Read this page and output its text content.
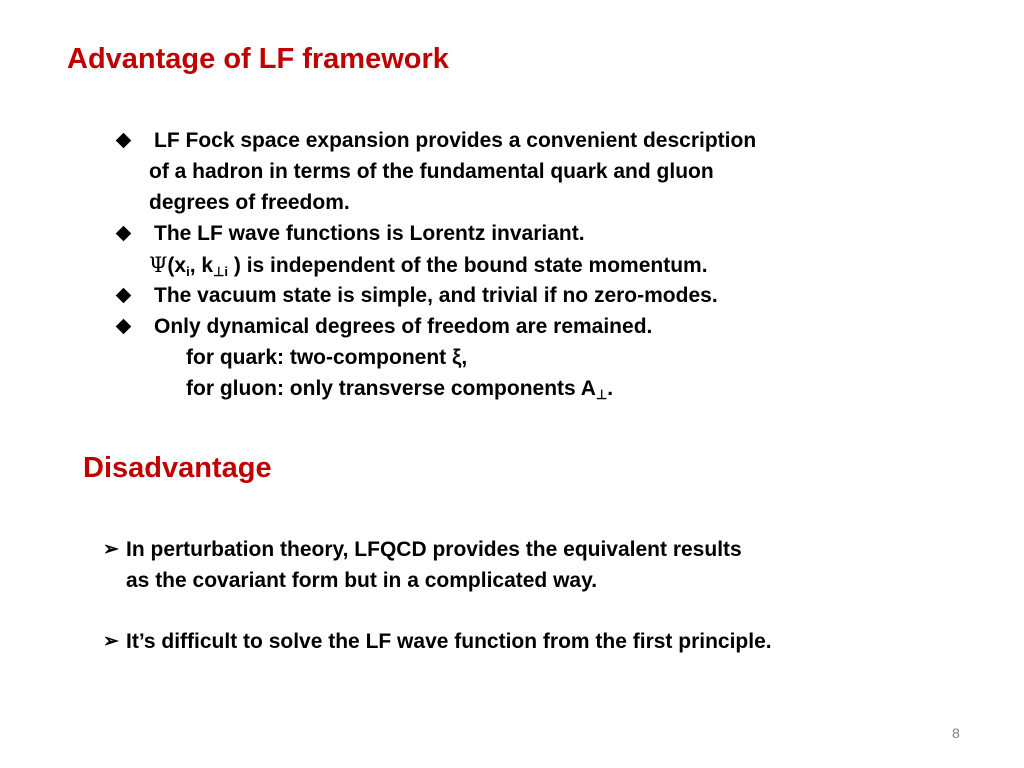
Advantage of LF framework
LF Fock space expansion provides a convenient description
of a hadron in terms of the fundamental quark and gluon
degrees of freedom.
The LF wave functions is Lorentz invariant.
$\Psi(x_i$, $k_{\perp i}$ ) is independent of the bound state momentum.
The vacuum state is simple, and trivial if no zero-modes.
Only dynamical degrees of freedom are remained.
for quark: two-component ξ,
for gluon: only transverse components $A_\perp$.
Disadvantage
➢ In perturbation theory, LFQCD provides the equivalent results
as the covariant form but in a complicated way.
➢ It’s difficult to solve the LF wave function from the first principle.
8
